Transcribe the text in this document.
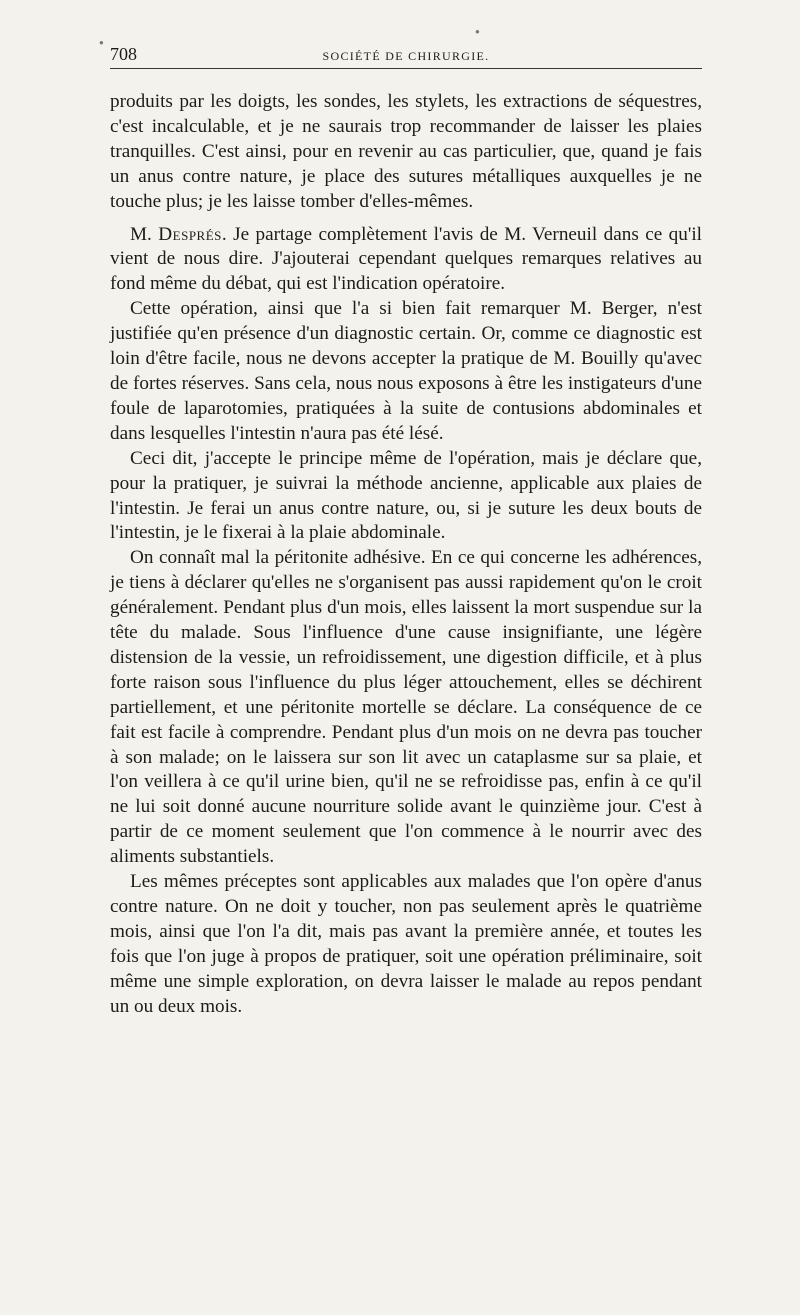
●
●
708	SOCIÉTÉ DE CHIRURGIE.

produits par les doigts, les sondes, les stylets, les extractions de séquestres, c'est incalculable, et je ne saurais trop recommander de laisser les plaies tranquilles. C'est ainsi, pour en revenir au cas particulier, que, quand je fais un anus contre nature, je place des sutures métalliques auxquelles je ne touche plus; je les laisse tomber d'elles-mêmes.

M. Després. Je partage complètement l'avis de M. Verneuil dans ce qu'il vient de nous dire. J'ajouterai cependant quelques remarques relatives au fond même du débat, qui est l'indication opératoire.

Cette opération, ainsi que l'a si bien fait remarquer M. Berger, n'est justifiée qu'en présence d'un diagnostic certain. Or, comme ce diagnostic est loin d'être facile, nous ne devons accepter la pratique de M. Bouilly qu'avec de fortes réserves. Sans cela, nous nous exposons à être les instigateurs d'une foule de laparotomies, pratiquées à la suite de contusions abdominales et dans lesquelles l'intestin n'aura pas été lésé.

Ceci dit, j'accepte le principe même de l'opération, mais je déclare que, pour la pratiquer, je suivrai la méthode ancienne, applicable aux plaies de l'intestin. Je ferai un anus contre nature, ou, si je suture les deux bouts de l'intestin, je le fixerai à la plaie abdominale.

On connaît mal la péritonite adhésive. En ce qui concerne les adhérences, je tiens à déclarer qu'elles ne s'organisent pas aussi rapidement qu'on le croit généralement. Pendant plus d'un mois, elles laissent la mort suspendue sur la tête du malade. Sous l'influence d'une cause insignifiante, une légère distension de la vessie, un refroidissement, une digestion difficile, et à plus forte raison sous l'influence du plus léger attouchement, elles se déchirent partiellement, et une péritonite mortelle se déclare. La conséquence de ce fait est facile à comprendre. Pendant plus d'un mois on ne devra pas toucher à son malade; on le laissera sur son lit avec un cataplasme sur sa plaie, et l'on veillera à ce qu'il urine bien, qu'il ne se refroidisse pas, enfin à ce qu'il ne lui soit donné aucune nourriture solide avant le quinzième jour. C'est à partir de ce moment seulement que l'on commence à le nourrir avec des aliments substantiels.

Les mêmes préceptes sont applicables aux malades que l'on opère d'anus contre nature. On ne doit y toucher, non pas seulement après le quatrième mois, ainsi que l'on l'a dit, mais pas avant la première année, et toutes les fois que l'on juge à propos de pratiquer, soit une opération préliminaire, soit même une simple exploration, on devra laisser le malade au repos pendant un ou deux mois.
